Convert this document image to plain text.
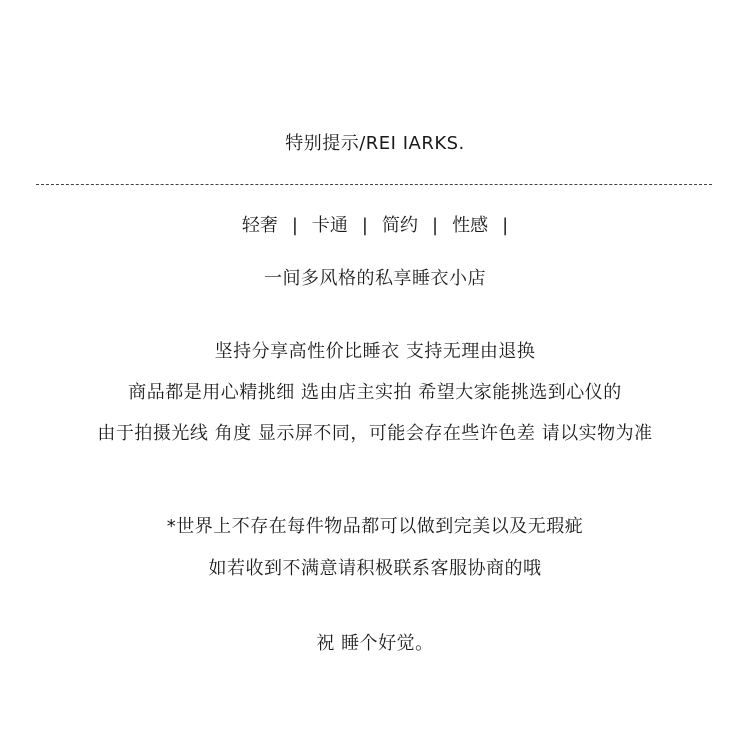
特别提示/REI IARKS.
轻奢 | 卡通 | 简约 | 性感 |
一间多风格的私享睡衣小店
坚持分享高性价比睡衣 支持无理由退换
商品都是用心精挑细 选由店主实拍 希望大家能挑选到心仪的
由于拍摄光线 角度 显示屏不同，可能会存在些许色差 请以实物为准
*世界上不存在每件物品都可以做到完美以及无瑕疵
如若收到不满意请积极联系客服协商的哦
祝 睡个好觉。
